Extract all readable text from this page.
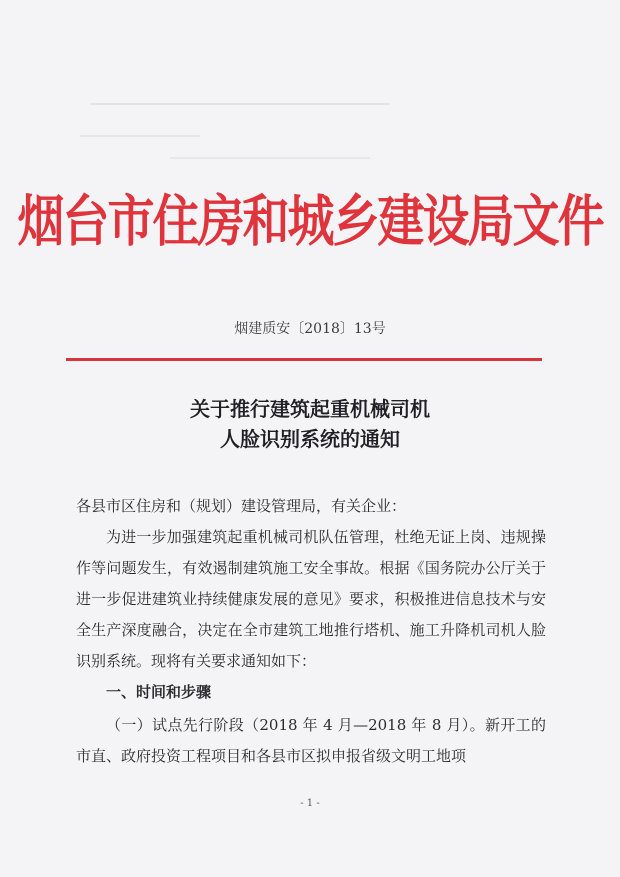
烟台市住房和城乡建设局文件
烟建质安〔2018〕13号
关于推行建筑起重机械司机
人脸识别系统的通知
各县市区住房和（规划）建设管理局，有关企业：
为进一步加强建筑起重机械司机队伍管理，杜绝无证上岗、违规操作等问题发生，有效遏制建筑施工安全事故。根据《国务院办公厅关于进一步促进建筑业持续健康发展的意见》要求，积极推进信息技术与安全生产深度融合，决定在全市建筑工地推行塔机、施工升降机司机人脸识别系统。现将有关要求通知如下：
一、时间和步骤
（一）试点先行阶段（2018 年 4 月—2018 年 8 月）。新开工的市直、政府投资工程项目和各县市区拟申报省级文明工地项
- 1 -
